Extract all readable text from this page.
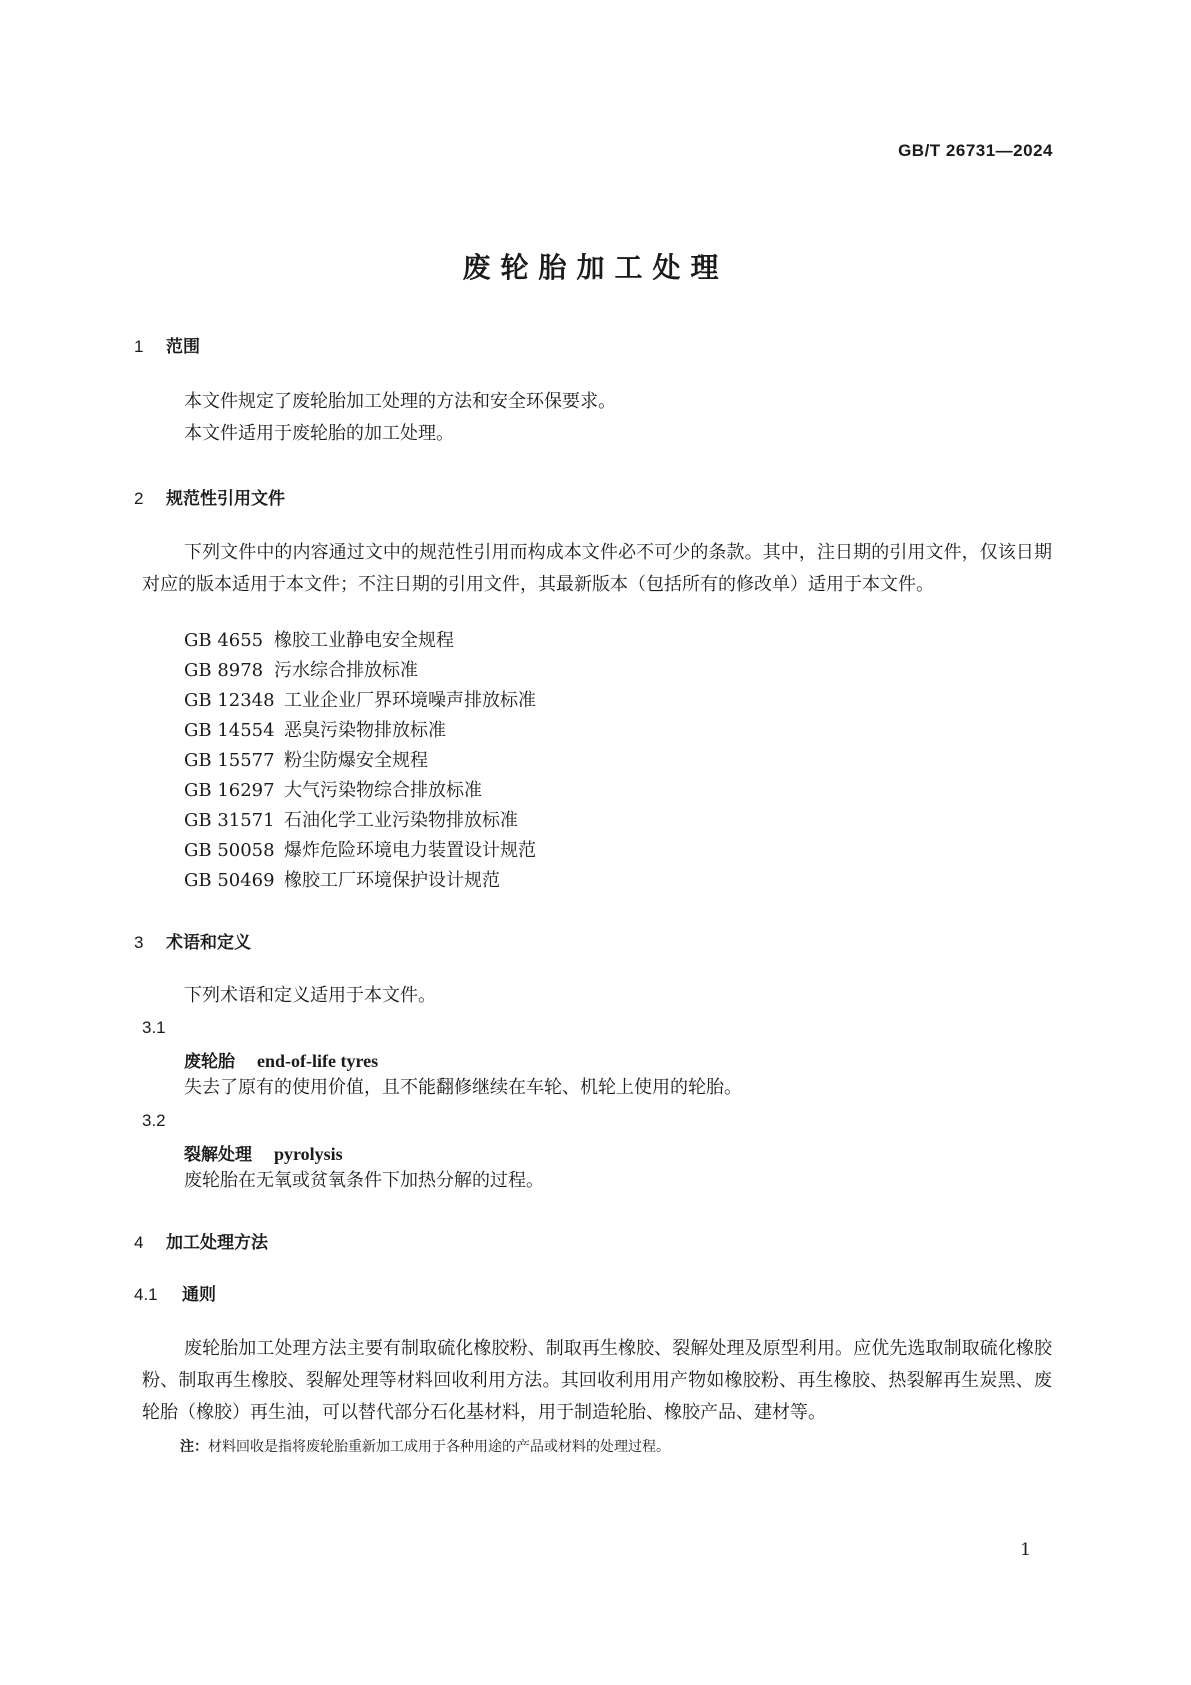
GB/T 26731—2024
废轮胎加工处理
1 范围
本文件规定了废轮胎加工处理的方法和安全环保要求。
本文件适用于废轮胎的加工处理。
2 规范性引用文件
下列文件中的内容通过文中的规范性引用而构成本文件必不可少的条款。其中，注日期的引用文件，仅该日期对应的版本适用于本文件；不注日期的引用文件，其最新版本（包括所有的修改单）适用于本文件。
GB 4655 橡胶工业静电安全规程
GB 8978 污水综合排放标准
GB 12348 工业企业厂界环境噪声排放标准
GB 14554 恶臭污染物排放标准
GB 15577 粉尘防爆安全规程
GB 16297 大气污染物综合排放标准
GB 31571 石油化学工业污染物排放标准
GB 50058 爆炸危险环境电力装置设计规范
GB 50469 橡胶工厂环境保护设计规范
3 术语和定义
下列术语和定义适用于本文件。
3.1
废轮胎 end-of-life tyres
失去了原有的使用价值，且不能翻修继续在车轮、机轮上使用的轮胎。
3.2
裂解处理 pyrolysis
废轮胎在无氧或贫氧条件下加热分解的过程。
4 加工处理方法
4.1 通则
废轮胎加工处理方法主要有制取硫化橡胶粉、制取再生橡胶、裂解处理及原型利用。应优先选取制取硫化橡胶粉、制取再生橡胶、裂解处理等材料回收利用方法。其回收利用用产物如橡胶粉、再生橡胶、热裂解再生炭黑、废轮胎（橡胶）再生油，可以替代部分石化基材料，用于制造轮胎、橡胶产品、建材等。
注：材料回收是指将废轮胎重新加工成用于各种用途的产品或材料的处理过程。
1
